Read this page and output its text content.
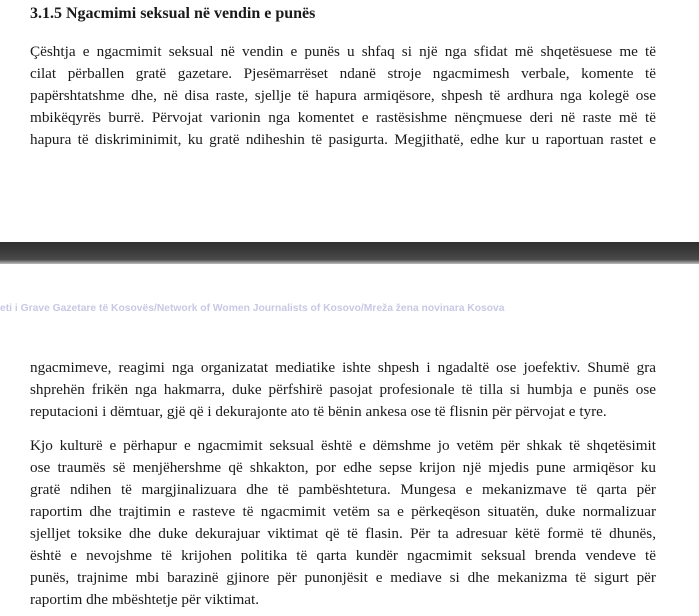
3.1.5 Ngacmimi seksual në vendin e punës

Çështja e ngacmimit seksual në vendin e punës u shfaq si një nga sfidat më shqetësuese me të
cilat përballen gratë gazetare. Pjesëmarrëset ndanë stroje ngacmimesh verbale, komente të
papërshtatshme dhe, në disa raste, sjellje të hapura armiqësore, shpesh të ardhura nga kolegë ose
mbikëqyrës burrë. Përvojat varionin nga komentet e rastësishme nënçmuese deri në raste më të
hapura të diskriminimit, ku gratë ndiheshin të pasigurta. Megjithatë, edhe kur u raportuan rastet e

eti i Grave Gazetare të Kosovës/Network of Women Journalists of Kosovo/Mreža žena novinara Kosova

ngacmimeve, reagimi nga organizatat mediatike ishte shpesh i ngadaltë ose joefektiv. Shumë gra
shprehën frikën nga hakmarra, duke përfshirë pasojat profesionale të tilla si humbja e punës ose
reputacioni i dëmtuar, gjë që i dekurajonte ato të bënin ankesa ose të flisnin për përvojat e tyre.

Kjo kulturë e përhapur e ngacmimit seksual është e dëmshme jo vetëm për shkak të shqetësimit
ose traumës së menjëhershme që shkakton, por edhe sepse krijon një mjedis pune armiqësor ku
gratë ndihen të margjinalizuara dhe të pambështetura. Mungesa e mekanizmave të qarta për
raportim dhe trajtimin e rasteve të ngacmimit vetëm sa e përkeqëson situatën, duke normalizuar
sjelljet toksike dhe duke dekurajuar viktimat që të flasin. Për ta adresuar këtë formë të dhunës,
është e nevojshme të krijohen politika të qarta kundër ngacmimit seksual brenda vendeve të
punës, trajnime mbi barazinë gjinore për punonjësit e mediave si dhe mekanizma të sigurt për
raportim dhe mbështetje për viktimat.
